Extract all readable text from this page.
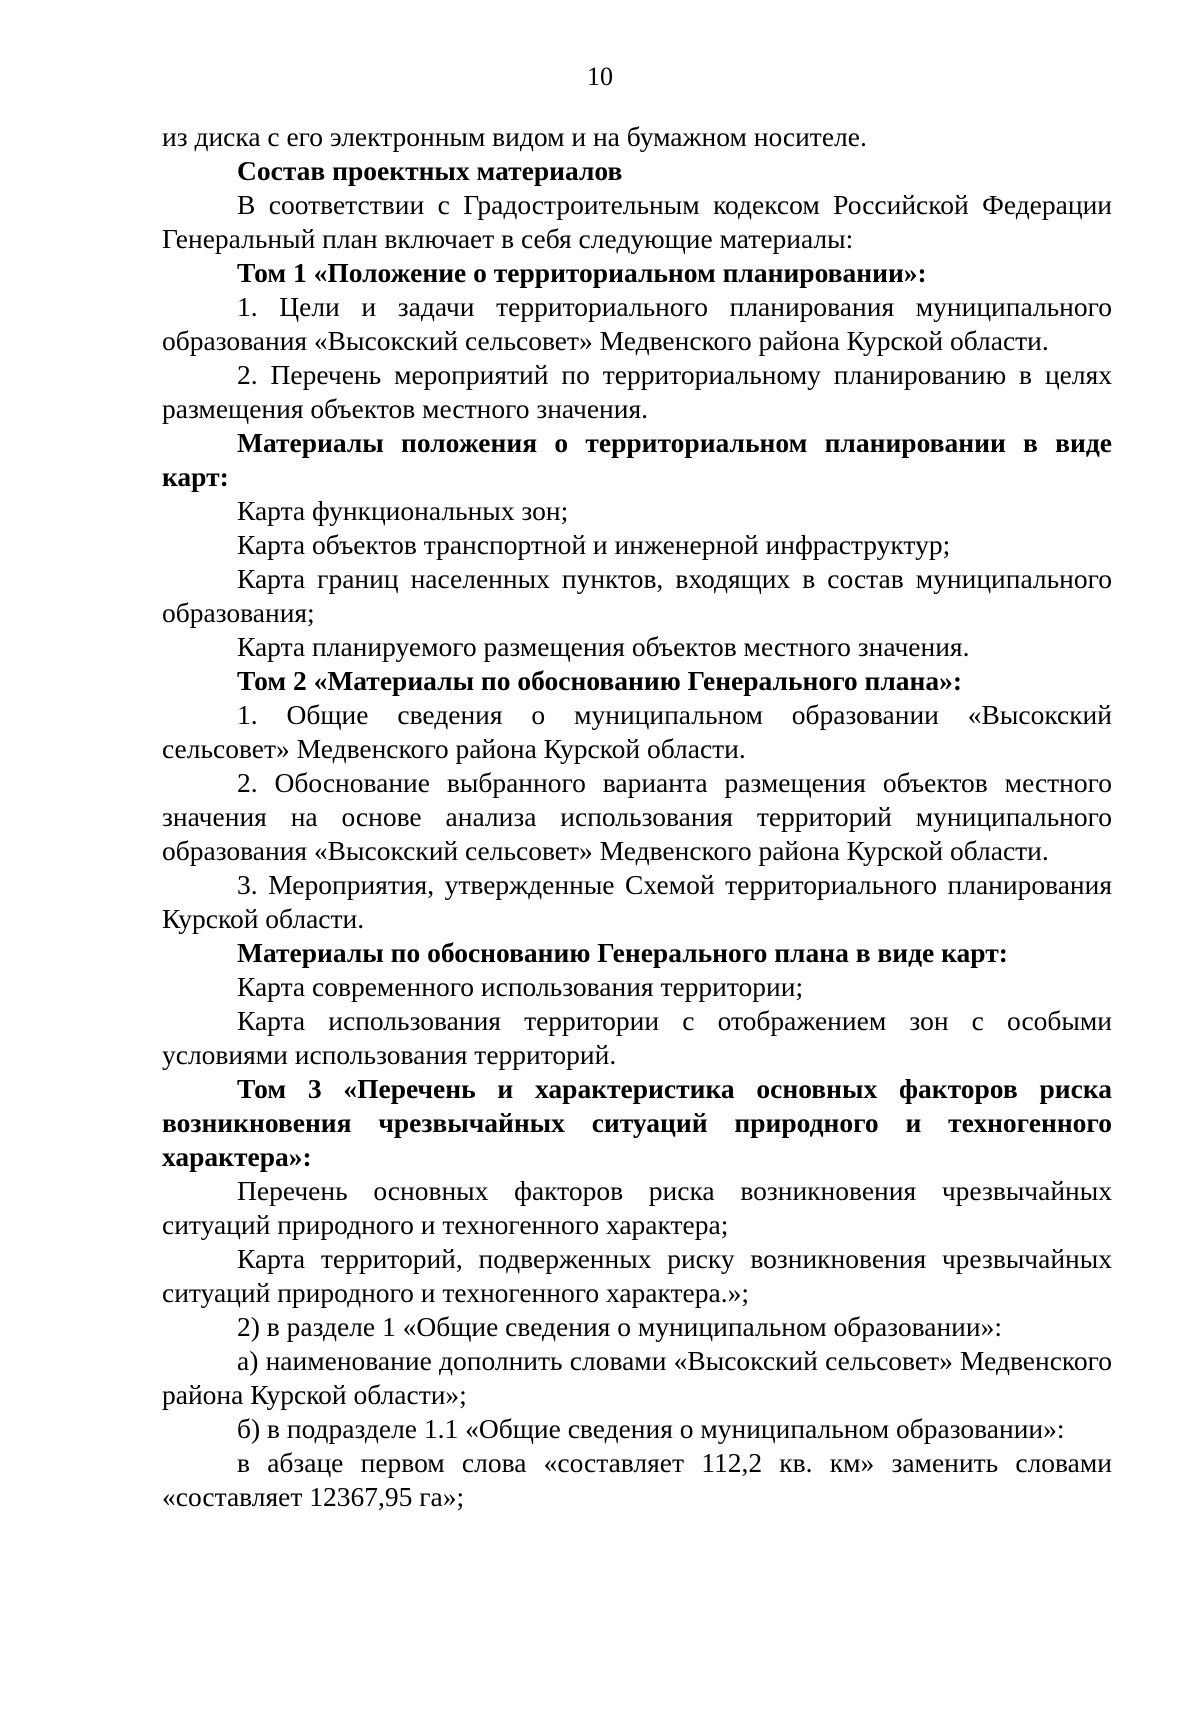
10

из диска с его электронным видом и на бумажном носителе.

Состав проектных материалов

В соответствии с Градостроительным кодексом Российской Федерации Генеральный план включает в себя следующие материалы:

Том 1 «Положение о территориальном планировании»:

1. Цели и задачи территориального планирования муниципального образования «Высокский сельсовет» Медвенского района Курской области.

2. Перечень мероприятий по территориальному планированию в целях размещения объектов местного значения.

Материалы положения о территориальном планировании в виде карт:

Карта функциональных зон;

Карта объектов транспортной и инженерной инфраструктур;

Карта границ населенных пунктов, входящих в состав муниципального образования;

Карта планируемого размещения объектов местного значения.

Том 2 «Материалы по обоснованию Генерального плана»:

1. Общие сведения о муниципальном образовании «Высокский сельсовет» Медвенского района Курской области.

2. Обоснование выбранного варианта размещения объектов местного значения на основе анализа использования территорий муниципального образования «Высокский сельсовет» Медвенского района Курской области.

3. Мероприятия, утвержденные Схемой территориального планирования Курской области.

Материалы по обоснованию Генерального плана в виде карт:

Карта современного использования территории;

Карта использования территории с отображением зон с особыми условиями использования территорий.

Том 3 «Перечень и характеристика основных факторов риска возникновения чрезвычайных ситуаций природного и техногенного характера»:

Перечень основных факторов риска возникновения чрезвычайных ситуаций природного и техногенного характера;

Карта территорий, подверженных риску возникновения чрезвычайных ситуаций природного и техногенного характера.»;

2) в разделе 1 «Общие сведения о муниципальном образовании»:

а) наименование дополнить словами «Высокский сельсовет» Медвенского района Курской области»;

б) в подразделе 1.1 «Общие сведения о муниципальном образовании»:

в абзаце первом слова «составляет 112,2 кв. км» заменить словами «составляет 12367,95 га»;
